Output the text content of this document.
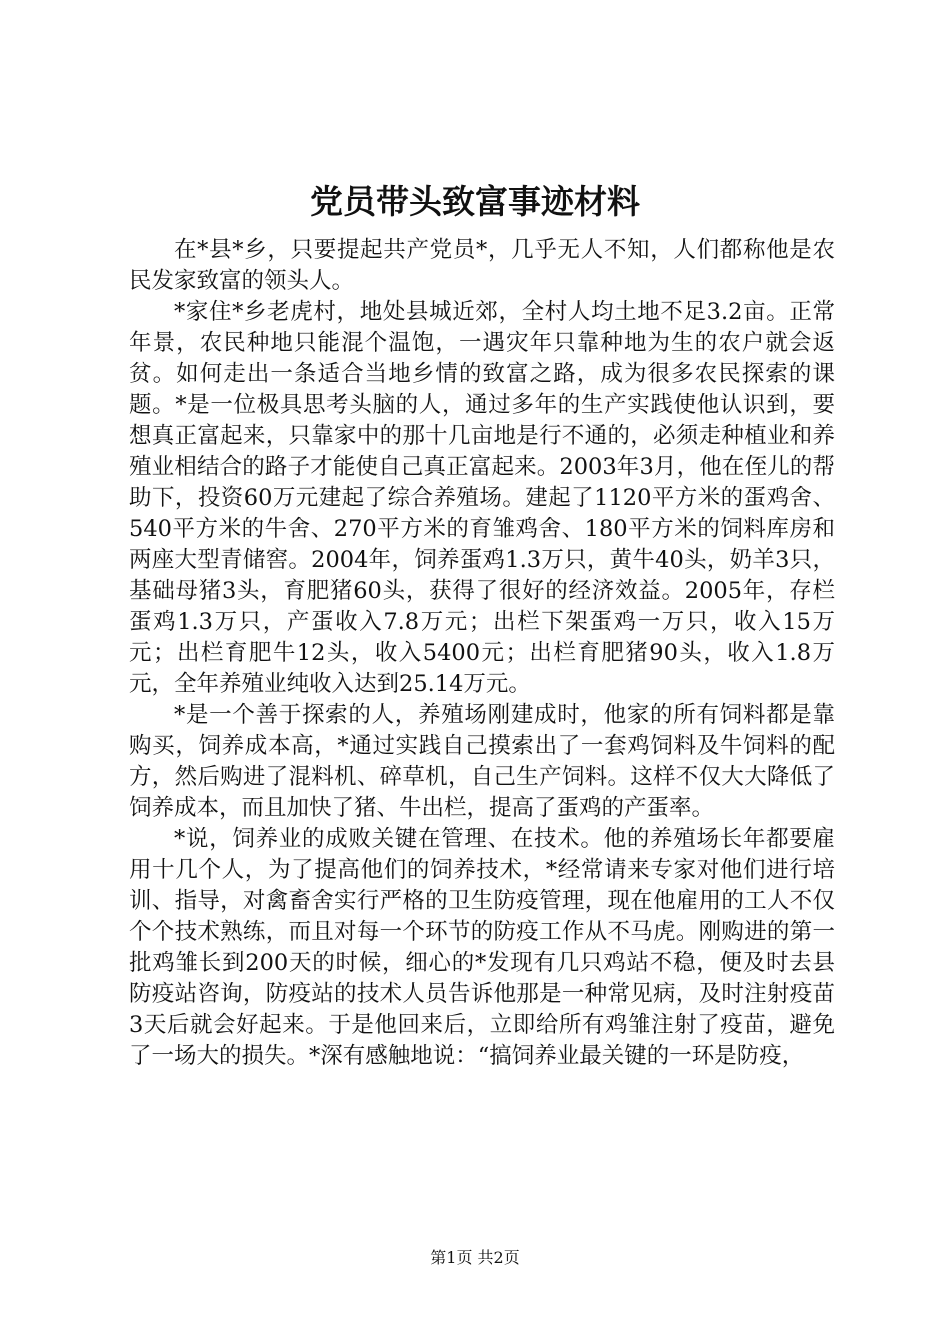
党员带头致富事迹材料

在*县*乡，只要提起共产党员*，几乎无人不知，人们都称他是农民发家致富的领头人。

*家住*乡老虎村，地处县城近郊，全村人均土地不足3.2亩。正常年景，农民种地只能混个温饱，一遇灾年只靠种地为生的农户就会返贫。如何走出一条适合当地乡情的致富之路，成为很多农民探索的课题。*是一位极具思考头脑的人，通过多年的生产实践使他认识到，要想真正富起来，只靠家中的那十几亩地是行不通的，必须走种植业和养殖业相结合的路子才能使自己真正富起来。2003年3月，他在侄儿的帮助下，投资60万元建起了综合养殖场。建起了1120平方米的蛋鸡舍、540平方米的牛舍、270平方米的育雏鸡舍、180平方米的饲料库房和两座大型青储窖。2004年，饲养蛋鸡1.3万只，黄牛40头，奶羊3只，基础母猪3头，育肥猪60头，获得了很好的经济效益。2005年，存栏蛋鸡1.3万只，产蛋收入7.8万元；出栏下架蛋鸡一万只，收入15万元；出栏育肥牛12头，收入5400元；出栏育肥猪90头，收入1.8万元，全年养殖业纯收入达到25.14万元。

*是一个善于探索的人，养殖场刚建成时，他家的所有饲料都是靠购买，饲养成本高，*通过实践自己摸索出了一套鸡饲料及牛饲料的配方，然后购进了混料机、碎草机，自己生产饲料。这样不仅大大降低了饲养成本，而且加快了猪、牛出栏，提高了蛋鸡的产蛋率。

*说，饲养业的成败关键在管理、在技术。他的养殖场长年都要雇用十几个人，为了提高他们的饲养技术，*经常请来专家对他们进行培训、指导，对禽畜舍实行严格的卫生防疫管理，现在他雇用的工人不仅个个技术熟练，而且对每一个环节的防疫工作从不马虎。刚购进的第一批鸡雏长到200天的时候，细心的*发现有几只鸡站不稳，便及时去县防疫站咨询，防疫站的技术人员告诉他那是一种常见病，及时注射疫苗3天后就会好起来。于是他回来后，立即给所有鸡雏注射了疫苗，避免了一场大的损失。*深有感触地说：“搞饲养业最关键的一环是防疫，

第1页 共2页
